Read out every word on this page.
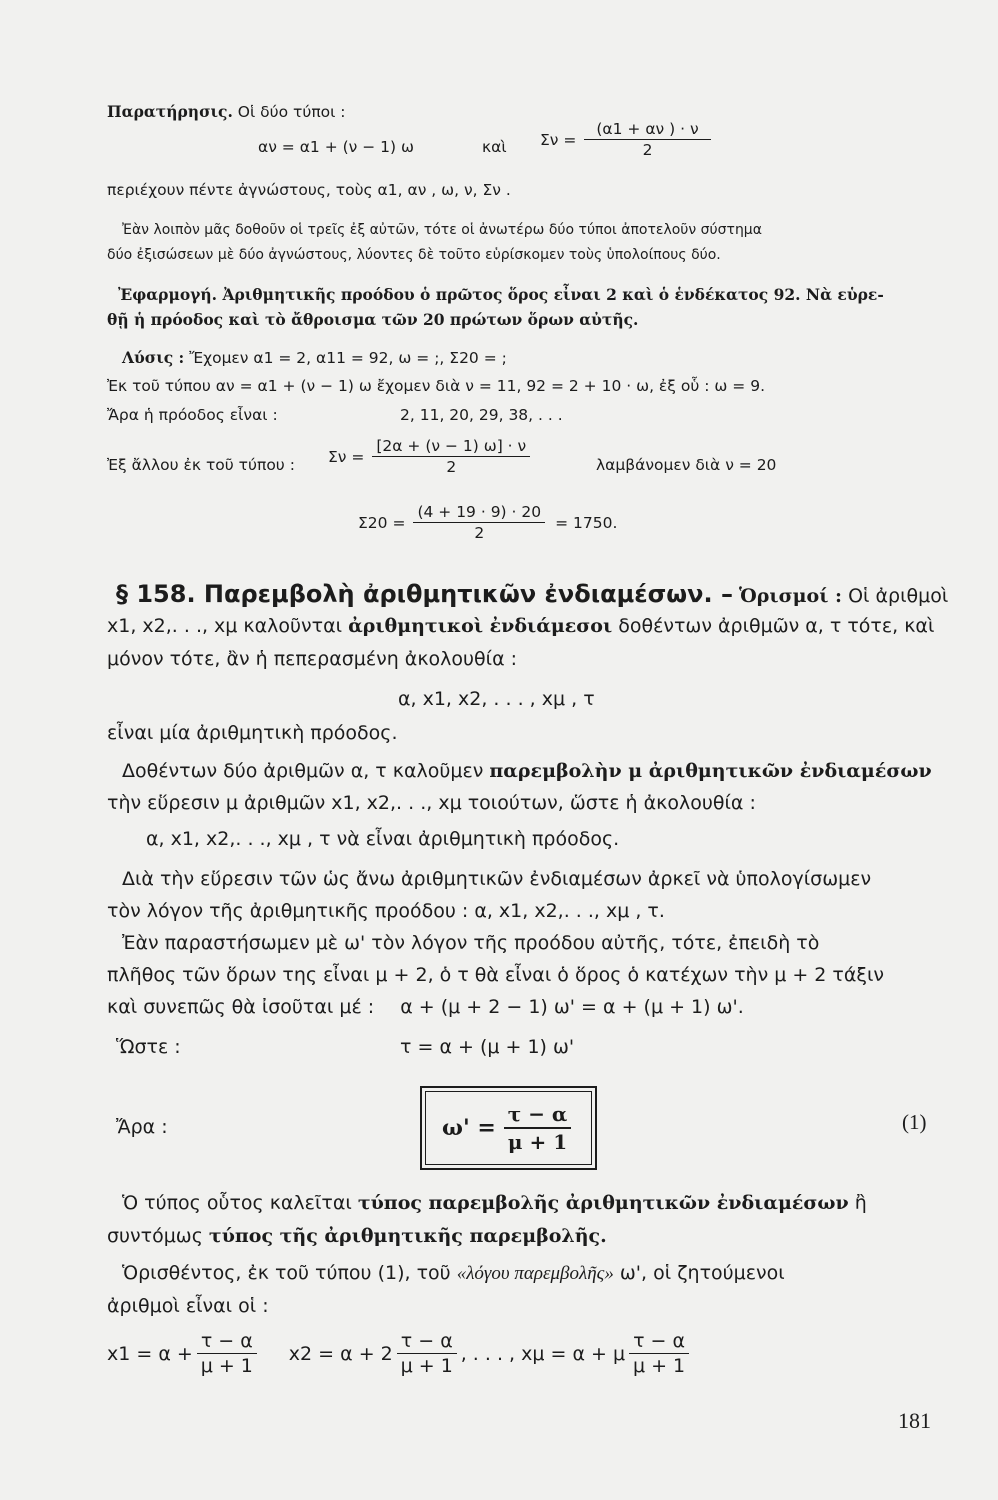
Παρατήρησις. Οἱ δύο τύποι :
αν = α1 + (ν − 1) ω	καὶ $\Sigma\nu = \frac{(\alpha 1 + \alpha\nu ) \cdot \nu}{2}$
περιέχουν πέντε ἀγνώστους, τοὺς α1, αν , ω, ν, Σν .
Ἐὰν λοιπὸν μᾶς δοθοῦν οἱ τρεῖς ἐξ αὐτῶν, τότε οἱ ἀνωτέρω δύο τύποι ἀποτελοῦν σύστημα
δύο ἐξισώσεων μὲ δύο ἀγνώστους, λύοντες δὲ τοῦτο εὑρίσκομεν τοὺς ὑπολοίπους δύο.
Ἐφαρμογή. Ἀριθμητικῆς προόδου ὁ πρῶτος ὅρος εἶναι 2 καὶ ὁ ἑνδέκατος 92. Νὰ εὑρε-
θῇ ἡ πρόοδος καὶ τὸ ἄθροισμα τῶν 20 πρώτων ὅρων αὐτῆς.
Λύσις : Ἔχομεν α1 = 2, α11 = 92, ω = ;, Σ20 = ;
Ἐκ τοῦ τύπου αν = α1 + (ν − 1) ω ἔχομεν διὰ ν = 11, 92 = 2 + 10 · ω, ἐξ οὗ : ω = 9.
Ἄρα ἡ πρόοδος εἶναι :	2, 11, 20, 29, 38, . . .
Ἐξ ἄλλου ἐκ τοῦ τύπου : $\Sigma\nu = \frac{[2\alpha + (\nu - 1) \omega] \cdot \nu}{2}$	λαμβάνομεν διὰ ν = 20
$\Sigma 20 = \frac{(4 + 19 \cdot 9) \cdot 20}{2} = 1750$.
§ 158. Παρεμβολὴ ἀριθμητικῶν ἐνδιαμέσων. – Ὁρισμοί : Οἱ ἀριθμοὶ
x1, x2,. . ., xμ καλοῦνται ἀριθμητικοὶ ἐνδιάμεσοι δοθέντων ἀριθμῶν α, τ τότε, καὶ
μόνον τότε, ἂν ἡ πεπερασμένη ἀκολουθία :
α, x1, x2, . . . , xμ , τ
εἶναι μία ἀριθμητικὴ πρόοδος.
Δοθέντων δύο ἀριθμῶν α, τ καλοῦμεν παρεμβολὴν μ ἀριθμητικῶν ἐνδιαμέσων
τὴν εὕρεσιν μ ἀριθμῶν x1, x2,. . ., xμ τοιούτων, ὥστε ἡ ἀκολουθία :
α, x1, x2,. . ., xμ , τ νὰ εἶναι ἀριθμητικὴ πρόοδος.
Διὰ τὴν εὕρεσιν τῶν ὡς ἄνω ἀριθμητικῶν ἐνδιαμέσων ἀρκεῖ νὰ ὑπολογίσωμεν
τὸν λόγον τῆς ἀριθμητικῆς προόδου : α, x1, x2,. . ., xμ , τ.
Ἐὰν παραστήσωμεν μὲ ω' τὸν λόγον τῆς προόδου αὐτῆς, τότε, ἐπειδὴ τὸ
πλῆθος τῶν ὅρων της εἶναι μ + 2, ὁ τ θὰ εἶναι ὁ ὅρος ὁ κατέχων τὴν μ + 2 τάξιν
καὶ συνεπῶς θὰ ἰσοῦται μέ : α + (μ + 2 − 1) ω' = α + (μ + 1) ω'.
Ὥστε :	τ = α + (μ + 1) ω'
Ἄρα :	$\omega' = \frac{\tau - \alpha}{\mu + 1}$	(1)
Ὁ τύπος οὗτος καλεῖται τύπος παρεμβολῆς ἀριθμητικῶν ἐνδιαμέσων ἢ
συντόμως τύπος τῆς ἀριθμητικῆς παρεμβολῆς.
Ὁρισθέντος, ἐκ τοῦ τύπου (1), τοῦ «λόγου παρεμβολῆς» ω', οἱ ζητούμενοι
ἀριθμοὶ εἶναι οἱ :
$x1 = \alpha + \frac{\tau - \alpha}{\mu + 1} x2 = \alpha + 2$
τ − α
μ + 1
, . . . , xμ = α + μ
τ − α
μ + 1
181
